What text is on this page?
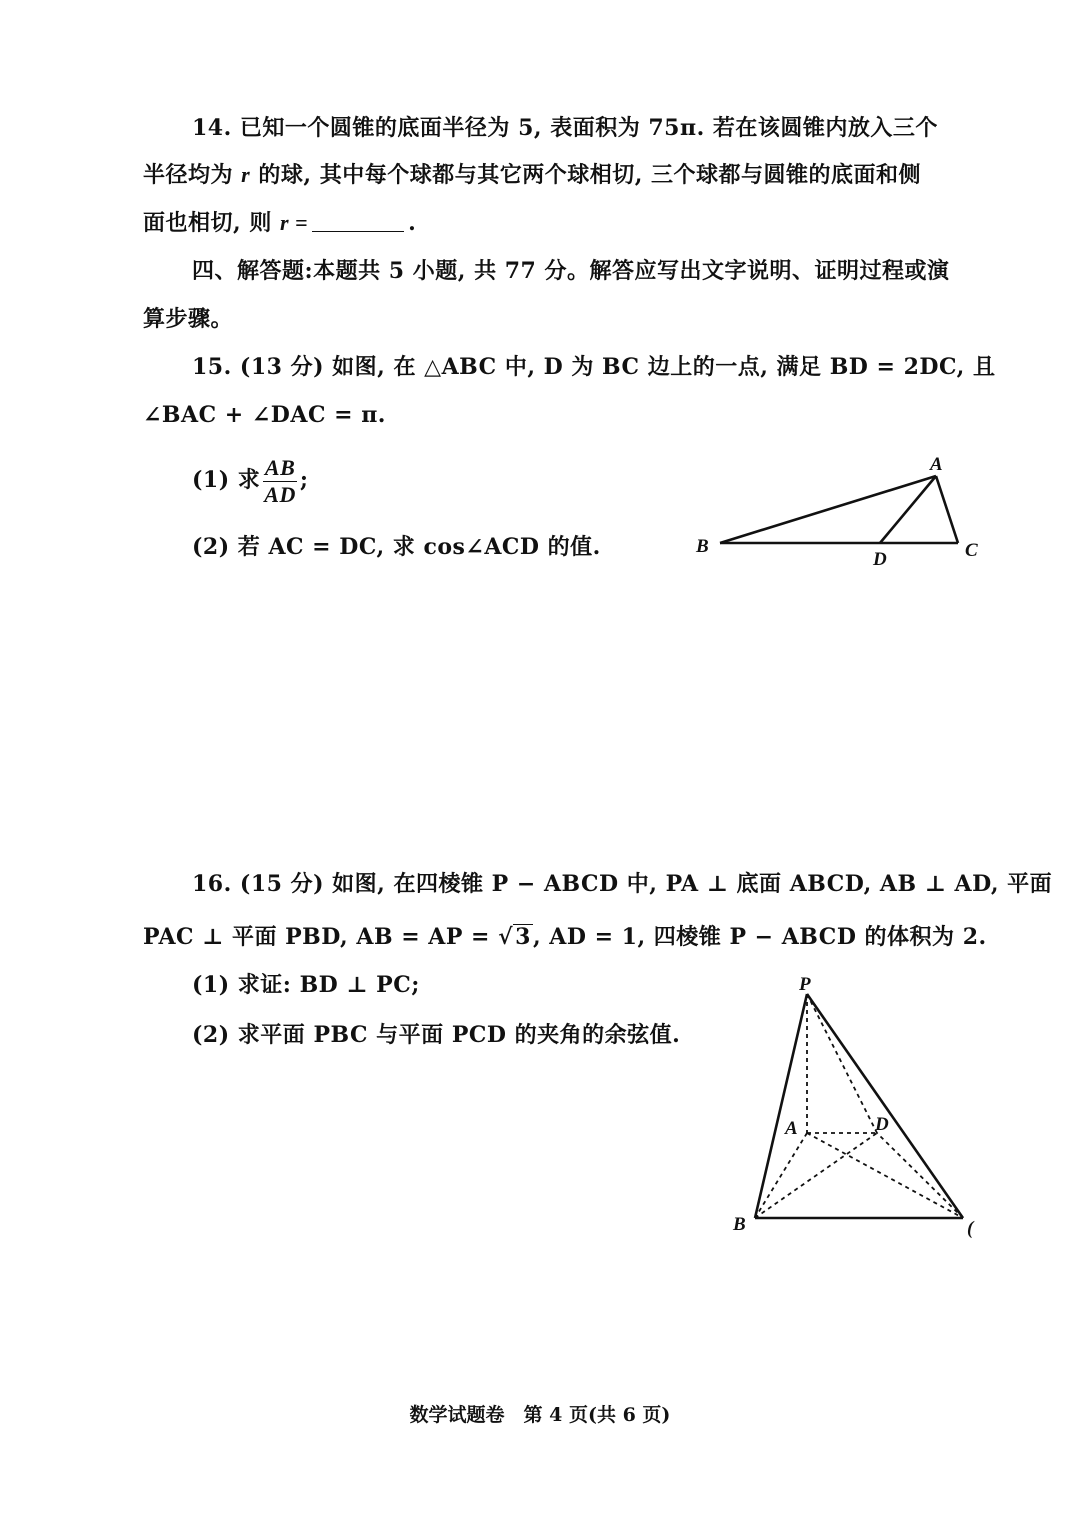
14. 已知一个圆锥的底面半径为 5, 表面积为 75π. 若在该圆锥内放入三个
半径均为 r 的球, 其中每个球都与其它两个球相切, 三个球都与圆锥的底面和侧
面也相切, 则 r =	.
四、解答题:本题共 5 小题, 共 77 分。解答应写出文字说明、证明过程或演
算步骤。
15. (13 分) 如图, 在 △ABC 中, D 为 BC 边上的一点, 满足 BD = 2DC, 且
∠BAC + ∠DAC = π.
(1) 求 $\frac{AB}{AD}$ ;
(2) 若 AC = DC, 求 cos∠ACD 的值.
A
B	C
D
16. (15 分) 如图, 在四棱锥 P − ABCD 中, PA ⊥ 底面 ABCD, AB ⊥ AD, 平面
PAC ⊥ 平面 PBD, AB = AP = √3, AD = 1, 四棱锥 P − ABCD 的体积为 2.
(1) 求证: BD ⊥ PC;
(2) 求平面 PBC 与平面 PCD 的夹角的余弦值.
P
A	D
B	(
数学试题卷　第 4 页(共 6 页)
